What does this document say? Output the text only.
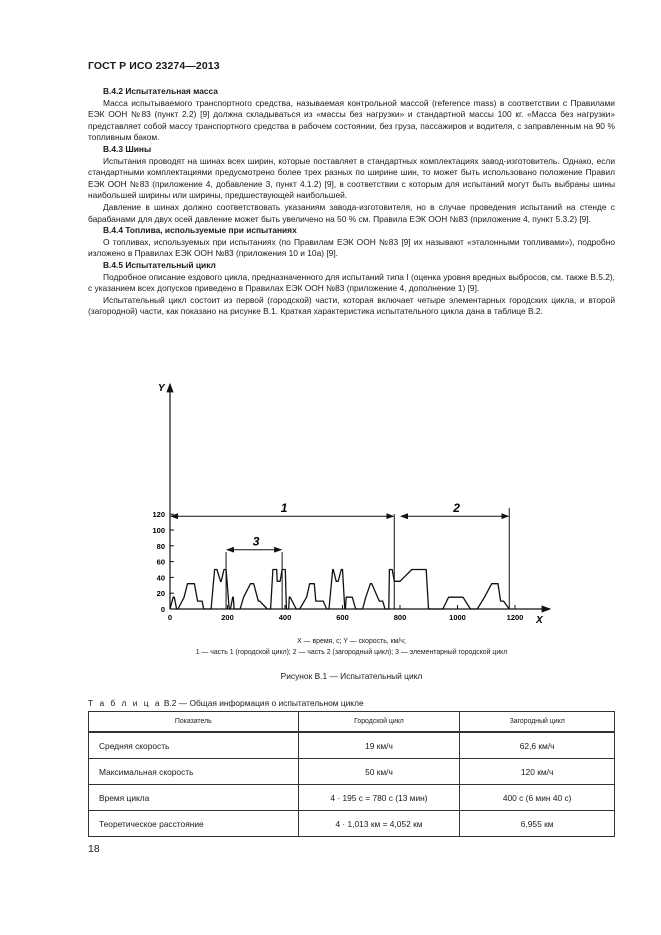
ГОСТ Р ИСО 23274—2013
B.4.2 Испытательная масса

Масса испытываемого транспортного средства, называемая контрольной массой (reference mass) в соответствии с Правилами ЕЭК ООН №83 (пункт 2.2) [9] должна складываться из «массы без нагрузки» и стандартной массы 100 кг. «Масса без нагрузки» представляет собой массу транспортного средства в рабочем состоянии, без груза, пассажиров и водителя, с заправленным на 90 % топливным баком.

B.4.3 Шины

Испытания проводят на шинах всех ширин, которые поставляет в стандартных комплектациях завод-изготовитель. Однако, если стандартными комплектациями предусмотрено более трех разных по ширине шин, то может быть использовано положение Правил ЕЭК ООН №83 (приложение 4, добавление 3, пункт 4.1.2) [9], в соответствии с которым для испытаний могут быть выбраны шины наибольшей ширины или ширины, предшествующей наибольшей.

Давление в шинах должно соответствовать указаниям завода-изготовителя, но в случае проведения испытаний на стенде с барабанами для двух осей давление может быть увеличено на 50 % см. Правила ЕЭК ООН №83 (приложение 4, пункт 5.3.2) [9].

B.4.4 Топлива, используемые при испытаниях

О топливах, используемых при испытаниях (по Правилам ЕЭК ООН №83 [9] их называют «эталонными топливами»), подробно изложено в Правилах ЕЭК ООН №83 (приложения 10 и 10а) [9].

B.4.5 Испытательный цикл

Подробное описание ездового цикла, предназначенного для испытаний типа I (оценка уровня вредных выбросов, см. также B.5.2), с указанием всех допусков приведено в Правилах ЕЭК ООН №83 (приложение 4, дополнение 1) [9].

Испытательный цикл состоит из первой (городской) части, которая включает четыре элементарных городских цикла, и второй (загородной) части, как показано на рисунке B.1. Краткая характеристика испытательного цикла дана в таблице B.2.

X
Y
0	200	400	600	800	1000	1200
0
20
40
60
80
100
120	1	2
3

X — время, с; Y — скорость, км/ч;

1 — часть 1 (городской цикл); 2 — часть 2 (загородный цикл); 3 — элементарный городской цикл

Рисунок B.1 — Испытательный цикл
Т а б л и ц а B.2 — Общая информация о испытательном цикле
Показатель	Городской цикл	Загородный цикл
Средняя скорость	19 км/ч	62,6 км/ч
Максимальная скорость	50 км/ч	120 км/ч
Время цикла	4 · 195 с = 780 с (13 мин)	400 с (6 мин 40 с)
Теоретическое расстояние	4 · 1,013 км = 4,052 км	6,955 км
18
